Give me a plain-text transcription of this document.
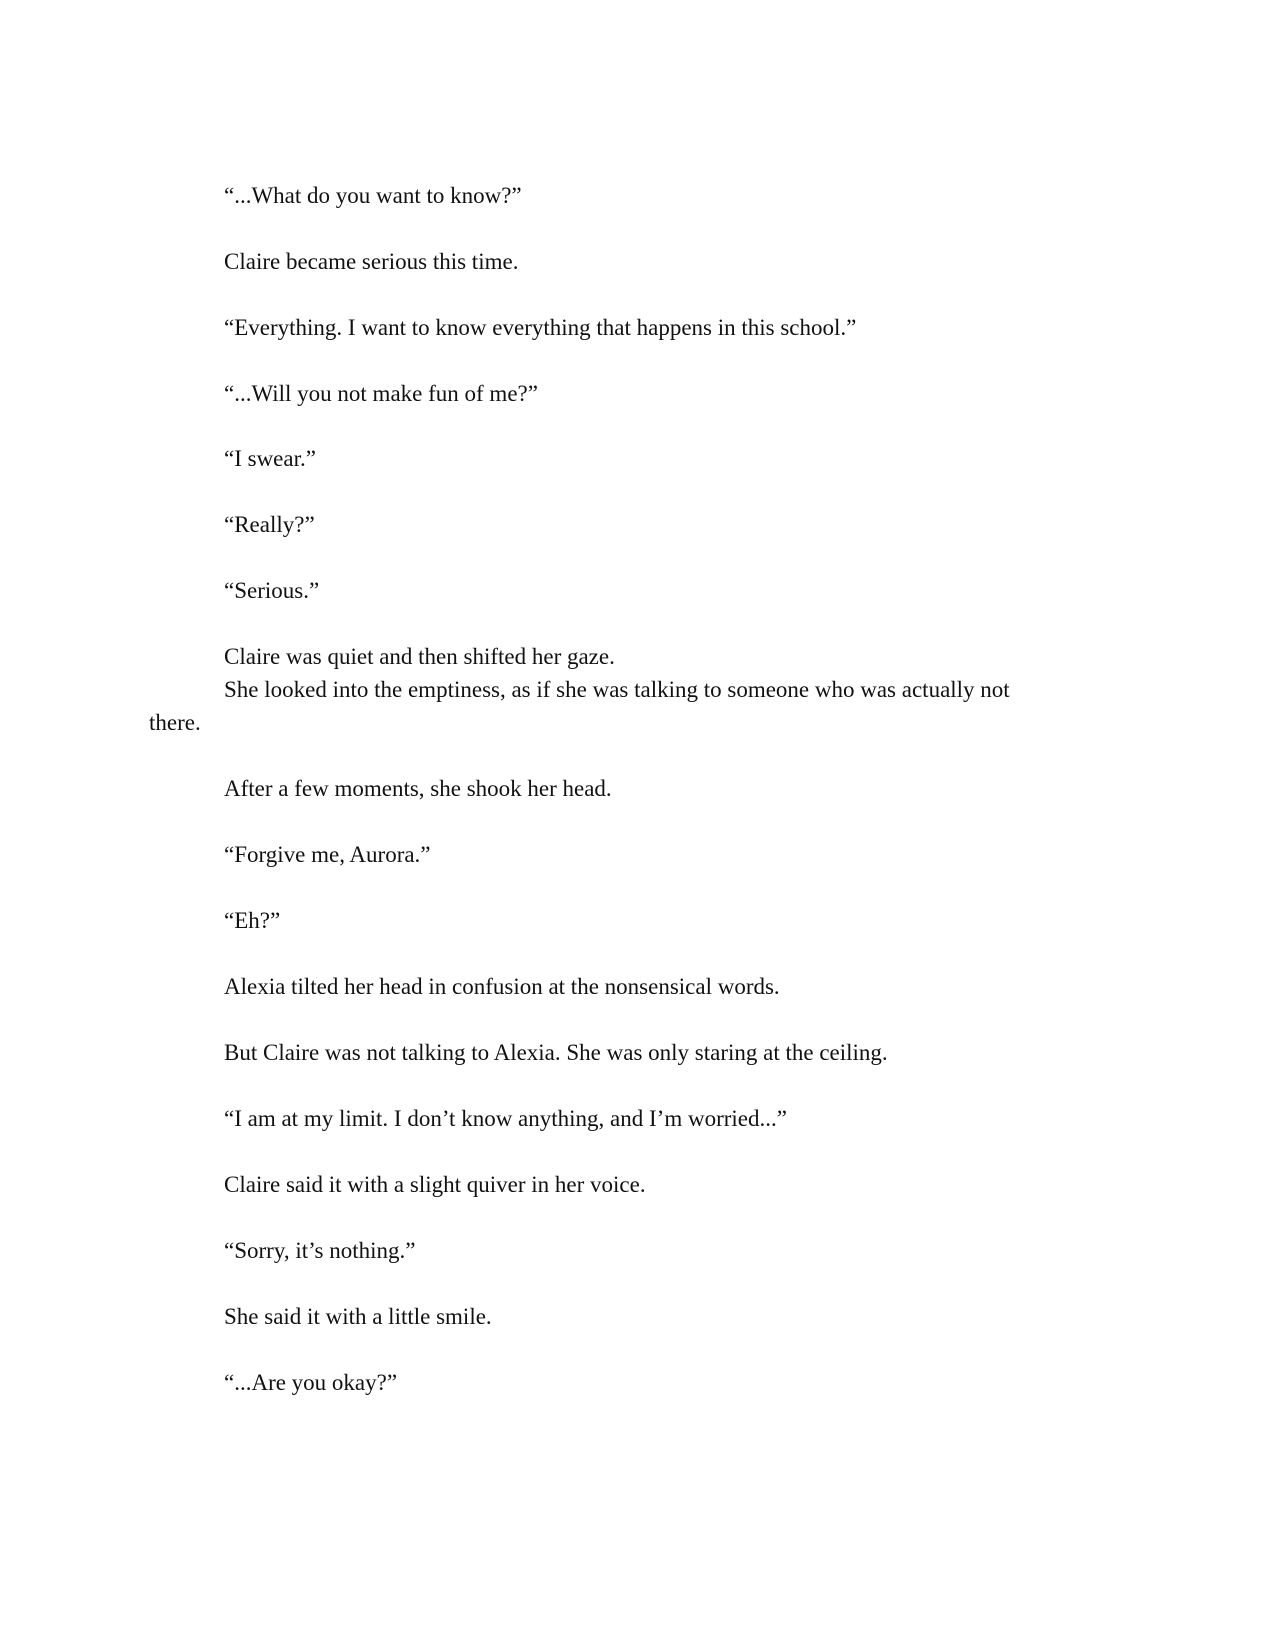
“...What do you want to know?”

Claire became serious this time.

“Everything. I want to know everything that happens in this school.”

“...Will you not make fun of me?”

“I swear.”

“Really?”

“Serious.”

Claire was quiet and then shifted her gaze.

She looked into the emptiness, as if she was talking to someone who was actually not

there.

After a few moments, she shook her head.

“Forgive me, Aurora.”

“Eh?”

Alexia tilted her head in confusion at the nonsensical words.

But Claire was not talking to Alexia. She was only staring at the ceiling.

“I am at my limit. I don’t know anything, and I’m worried...”

Claire said it with a slight quiver in her voice.

“Sorry, it’s nothing.”

She said it with a little smile.

“...Are you okay?”
